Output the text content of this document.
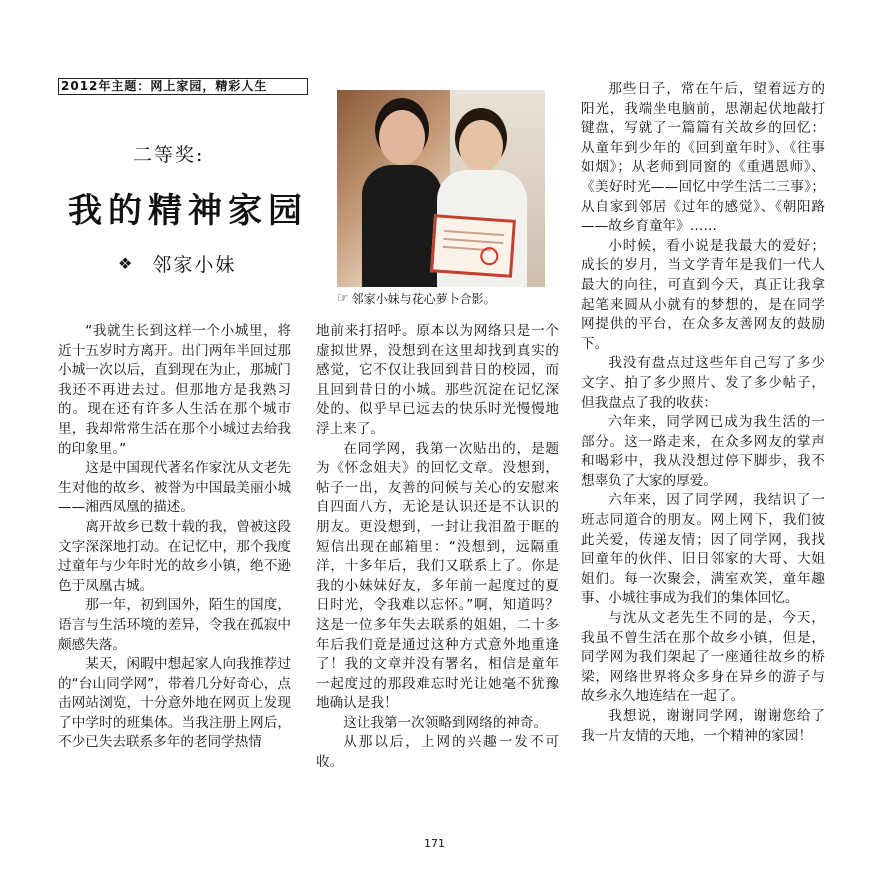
2012年主题：网上家园，精彩人生
二等奖:
我的精神家园
❖ 邻家小妹
☞ 邻家小妹与花心萝卜合影。

“我就生长到这样一个小城里，将近十五岁时方离开。出门两年半回过那小城一次以后，直到现在为止，那城门我还不再进去过。但那地方是我熟习的。现在还有许多人生活在那个城市里，我却常常生活在那个小城过去给我的印象里。”

这是中国现代著名作家沈从文老先生对他的故乡、被誉为中国最美丽小城——湘西凤凰的描述。

离开故乡已数十载的我，曾被这段文字深深地打动。在记忆中，那个我度过童年与少年时光的故乡小镇，绝不逊色于凤凰古城。

那一年，初到国外，陌生的国度，语言与生活环境的差异，令我在孤寂中颇感失落。

某天，闲暇中想起家人向我推荐过的“台山同学网”，带着几分好奇心，点击网站浏览，十分意外地在网页上发现了中学时的班集体。当我注册上网后，不少已失去联系多年的老同学热情

地前来打招呼。原本以为网络只是一个虚拟世界，没想到在这里却找到真实的感觉，它不仅让我回到昔日的校园，而且回到昔日的小城。那些沉淀在记忆深处的、似乎早已远去的快乐时光慢慢地浮上来了。

在同学网，我第一次贴出的，是题为《怀念姐夫》的回忆文章。没想到，帖子一出，友善的问候与关心的安慰来自四面八方，无论是认识还是不认识的朋友。更没想到，一封让我泪盈于眶的短信出现在邮箱里：“没想到，远隔重洋，十多年后，我们又联系上了。你是我的小妹妹好友，多年前一起度过的夏日时光，令我难以忘怀。”啊，知道吗？这是一位多年失去联系的姐姐，二十多年后我们竟是通过这种方式意外地重逢了！我的文章并没有署名，相信是童年一起度过的那段难忘时光让她毫不犹豫地确认是我！

这让我第一次领略到网络的神奇。

从那以后，上网的兴趣一发不可收。

那些日子，常在午后，望着远方的阳光，我端坐电脑前，思潮起伏地敲打键盘，写就了一篇篇有关故乡的回忆：从童年到少年的《回到童年时》、《往事如烟》；从老师到同窗的《重遇恩师》、《美好时光——回忆中学生活二三事》；从自家到邻居《过年的感觉》、《朝阳路——故乡育童年》……

小时候，看小说是我最大的爱好；成长的岁月，当文学青年是我们一代人最大的向往，可直到今天，真正让我拿起笔来圆从小就有的梦想的，是在同学网提供的平台，在众多友善网友的鼓励下。

我没有盘点过这些年自己写了多少文字、拍了多少照片、发了多少帖子，但我盘点了我的收获：

六年来，同学网已成为我生活的一部分。这一路走来，在众多网友的掌声和喝彩中，我从没想过停下脚步，我不想辜负了大家的厚爱。

六年来，因了同学网，我结识了一班志同道合的朋友。网上网下，我们彼此关爱，传递友情；因了同学网，我找回童年的伙伴、旧日邻家的大哥、大姐姐们。每一次聚会，满室欢笑，童年趣事、小城往事成为我们的集体回忆。

与沈从文老先生不同的是，今天，我虽不曾生活在那个故乡小镇，但是，同学网为我们架起了一座通往故乡的桥梁，网络世界将众多身在异乡的游子与故乡永久地连结在一起了。

我想说，谢谢同学网，谢谢您给了我一片友情的天地，一个精神的家园！

171
